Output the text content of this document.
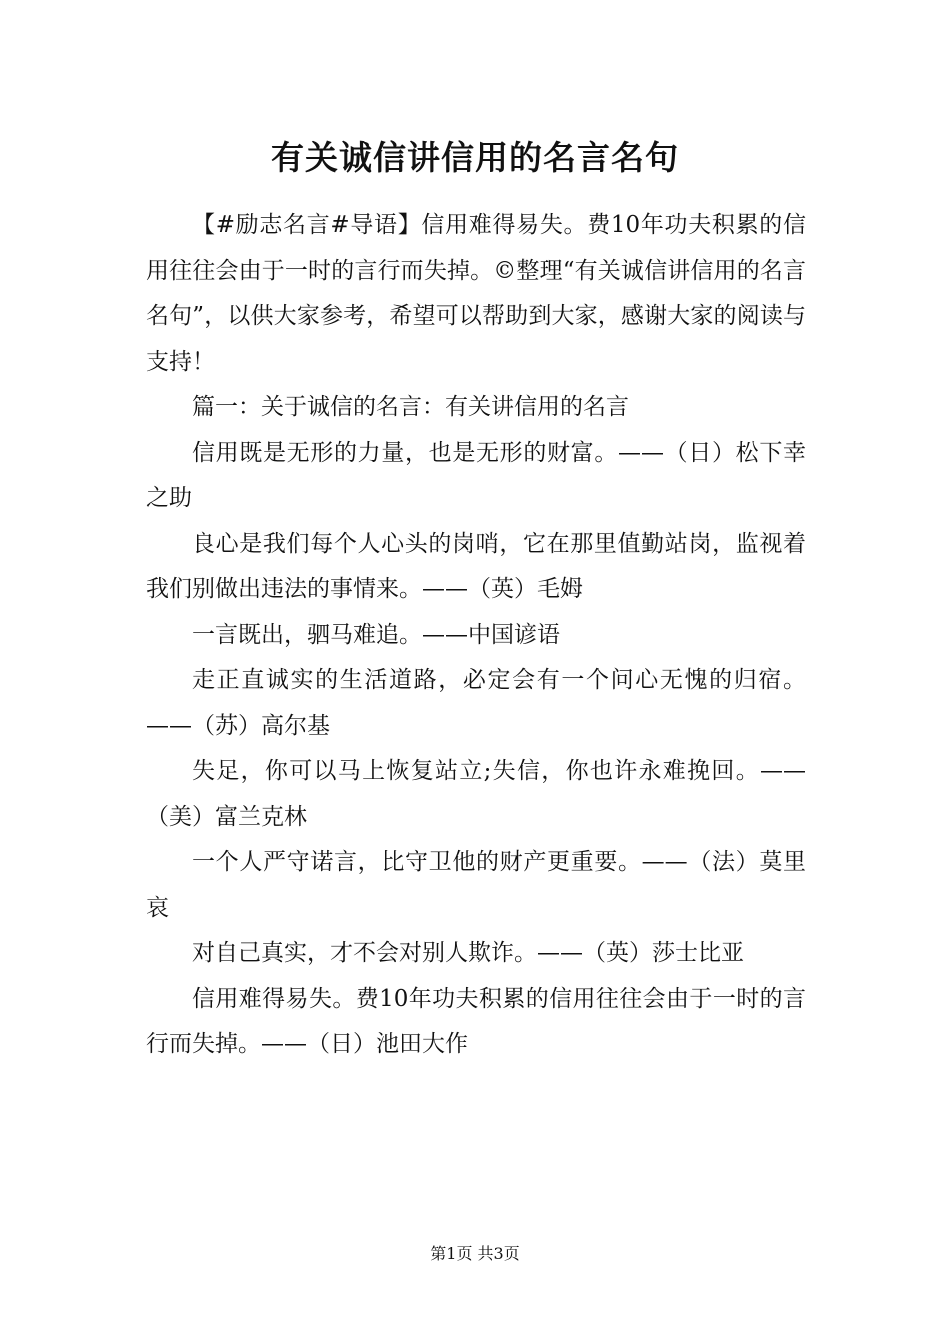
有关诚信讲信用的名言名句

【#励志名言#导语】信用难得易失。费10年功夫积累的信用往往会由于一时的言行而失掉。©整理“有关诚信讲信用的名言名句”，以供大家参考，希望可以帮助到大家，感谢大家的阅读与支持！

篇一：关于诚信的名言：有关讲信用的名言

信用既是无形的力量，也是无形的财富。——（日）松下幸之助

良心是我们每个人心头的岗哨，它在那里值勤站岗，监视着我们别做出违法的事情来。——（英）毛姆

一言既出，驷马难追。——中国谚语

走正直诚实的生活道路，必定会有一个问心无愧的归宿。——（苏）高尔基

失足，你可以马上恢复站立;失信，你也许永难挽回。——（美）富兰克林

一个人严守诺言，比守卫他的财产更重要。——（法）莫里哀

对自己真实，才不会对别人欺诈。——（英）莎士比亚

信用难得易失。费10年功夫积累的信用往往会由于一时的言行而失掉。——（日）池田大作

第1页 共3页
